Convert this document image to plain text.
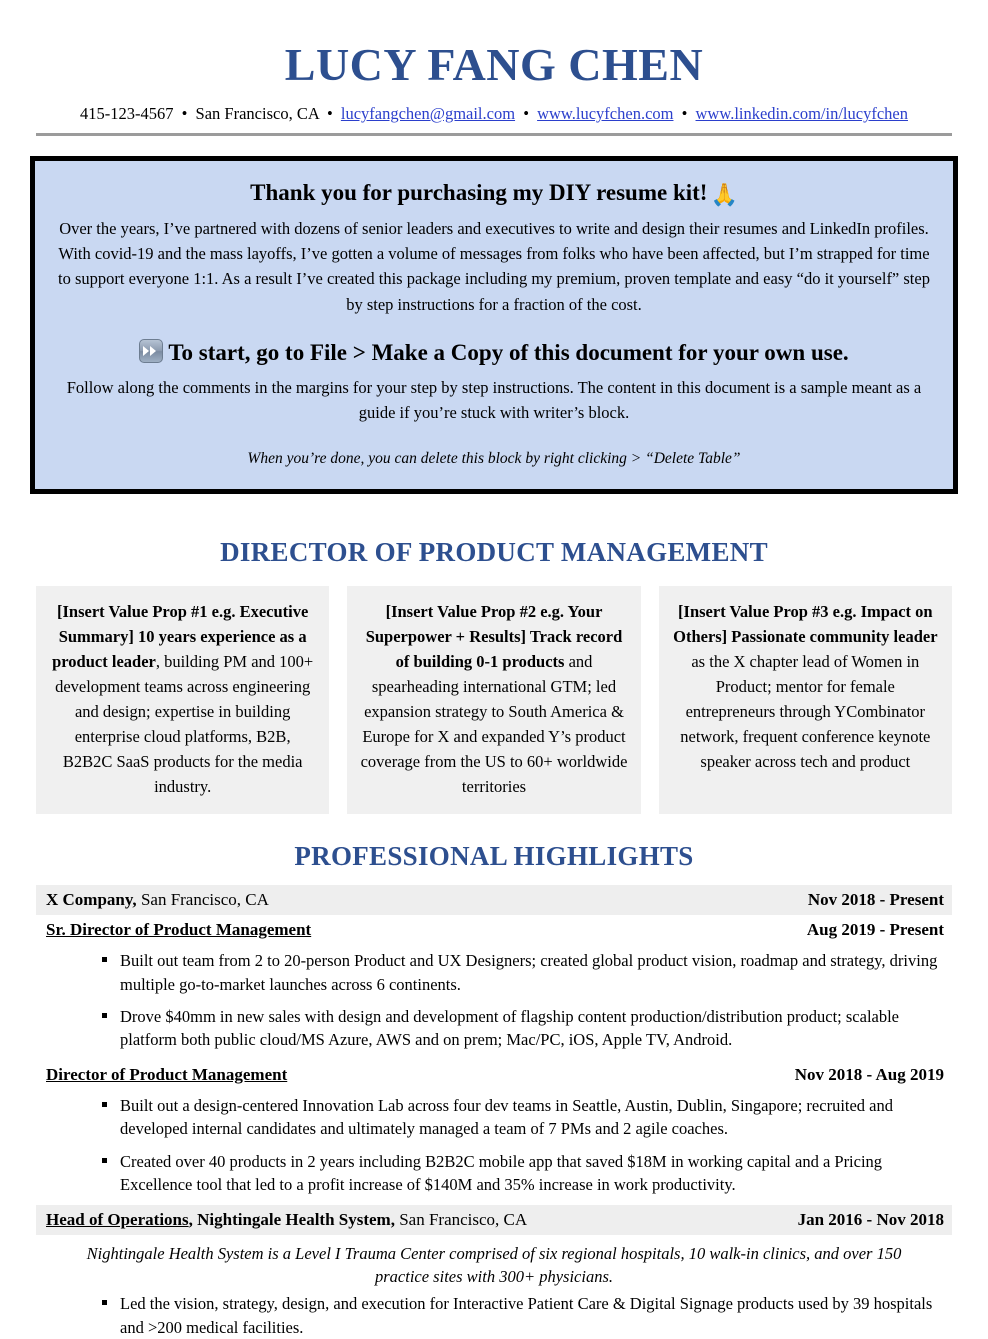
LUCY FANG CHEN
415-123-4567 • San Francisco, CA • lucyfangchen@gmail.com • www.lucyfchen.com • www.linkedin.com/in/lucyfchen
Thank you for purchasing my DIY resume kit! 🙏

Over the years, I’ve partnered with dozens of senior leaders and executives to write and design their resumes and LinkedIn profiles. With covid-19 and the mass layoffs, I’ve gotten a volume of messages from folks who have been affected, but I’m strapped for time to support everyone 1:1. As a result I’ve created this package including my premium, proven template and easy “do it yourself” step by step instructions for a fraction of the cost.

To start, go to File > Make a Copy of this document for your own use.

Follow along the comments in the margins for your step by step instructions. The content in this document is a sample meant as a guide if you’re stuck with writer’s block.

When you’re done, you can delete this block by right clicking > “Delete Table”

DIRECTOR OF PRODUCT MANAGEMENT
[Insert Value Prop #1 e.g. Executive Summary] 10 years experience as a product leader, building PM and 100+ development teams across engineering and design; expertise in building enterprise cloud platforms, B2B, B2B2C SaaS products for the media industry.
[Insert Value Prop #2 e.g. Your Superpower + Results] Track record of building 0-1 products and spearheading international GTM; led expansion strategy to South America & Europe for X and expanded Y’s product coverage from the US to 60+ worldwide territories
[Insert Value Prop #3 e.g. Impact on Others] Passionate community leader as the X chapter lead of Women in Product; mentor for female entrepreneurs through YCombinator network, frequent conference keynote speaker across tech and product
PROFESSIONAL HIGHLIGHTS
X Company, San Francisco, CA	Nov 2018 - Present
Sr. Director of Product Management	Aug 2019 - Present
Built out team from 2 to 20-person Product and UX Designers; created global product vision, roadmap and strategy, driving multiple go-to-market launches across 6 continents.
Drove $40mm in new sales with design and development of flagship content production/distribution product; scalable platform both public cloud/MS Azure, AWS and on prem; Mac/PC, iOS, Apple TV, Android.
Director of Product Management	Nov 2018 - Aug 2019
Built out a design-centered Innovation Lab across four dev teams in Seattle, Austin, Dublin, Singapore; recruited and developed internal candidates and ultimately managed a team of 7 PMs and 2 agile coaches.
Created over 40 products in 2 years including B2B2C mobile app that saved $18M in working capital and a Pricing Excellence tool that led to a profit increase of $140M and 35% increase in work productivity.
Head of Operations, Nightingale Health System, San Francisco, CA	Jan 2016 - Nov 2018

Nightingale Health System is a Level I Trauma Center comprised of six regional hospitals, 10 walk-in clinics, and over 150 practice sites with 300+ physicians.

Led the vision, strategy, design, and execution for Interactive Patient Care & Digital Signage products used by 39 hospitals and >200 medical facilities.
